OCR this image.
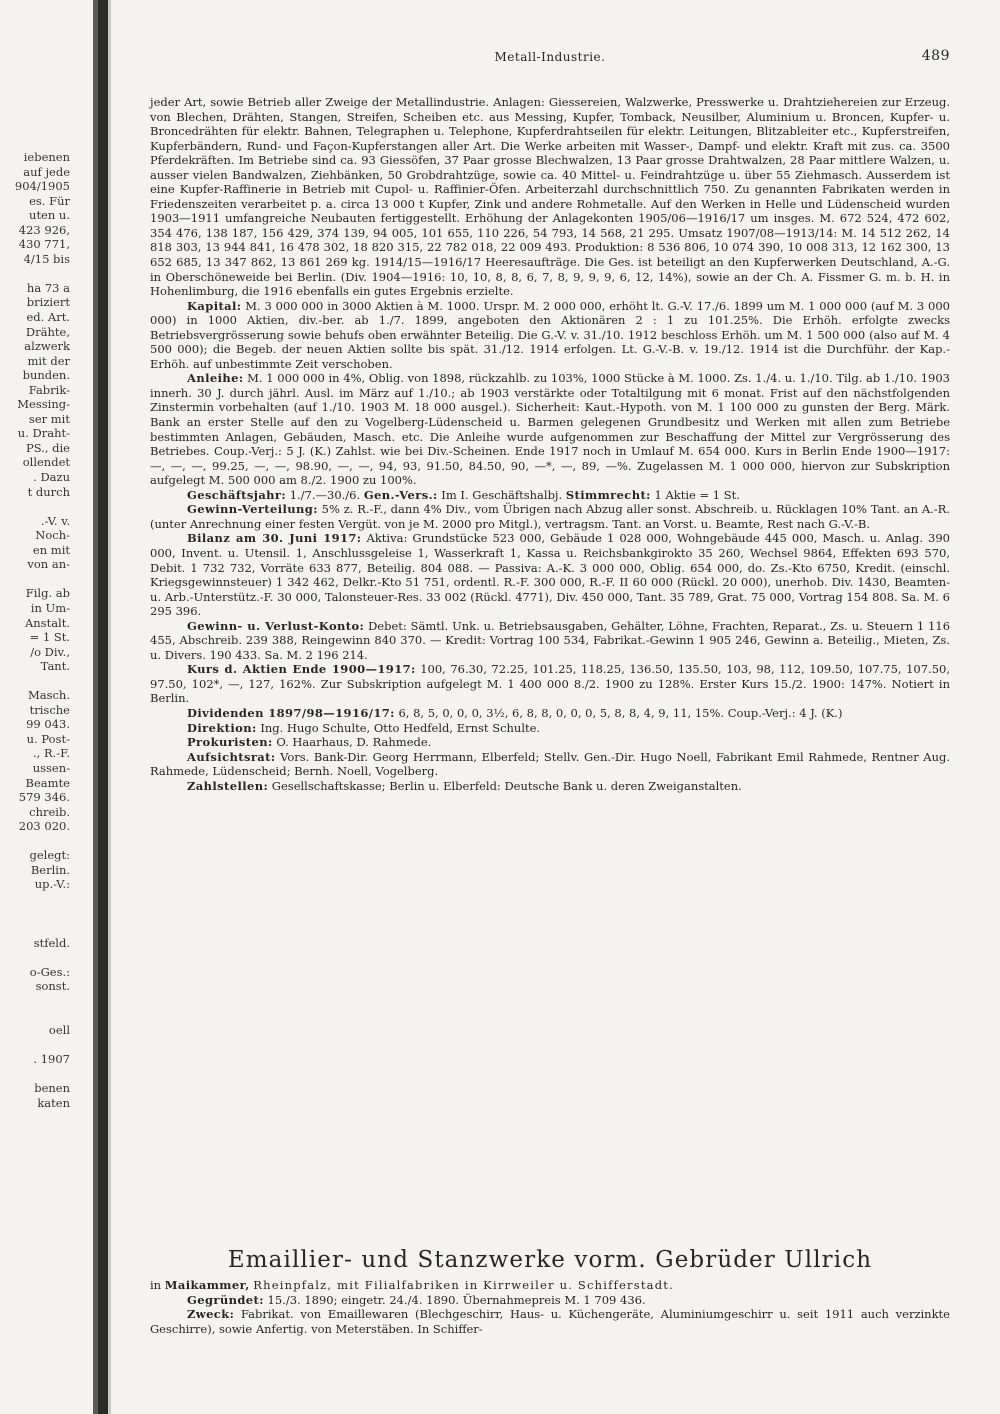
iebenen
auf jede
904/1905
es. Für
uten u.
423 926,
430 771,
4/15 bis
ha 73 a
briziert
ed. Art.
Drähte,
alzwerk
mit der
bunden.
Fabrik-
Messing-
ser mit
u. Draht-
PS., die
ollendet
. Dazu
t durch
.-V. v.
Noch-
en mit
von an-
Filg. ab
in Um-
Anstalt.
= 1 St.
/o Div.,
Tant.
Masch.
trische
99 043.
u. Post-
., R.-F.
ussen-
Beamte
579 346.
chreib.
203 020.
gelegt:
Berlin.
up.-V.:
stfeld.
o-Ges.:
sonst.
oell
. 1907
benen
katen
Metall-Industrie.	489

jeder Art, sowie Betrieb aller Zweige der Metallindustrie. Anlagen: Giessereien, Walzwerke, Presswerke u. Drahtziehereien zur Erzeug. von Blechen, Drähten, Stangen, Streifen, Scheiben etc. aus Messing, Kupfer, Tomback, Neusilber, Aluminium u. Broncen, Kupfer- u. Broncedrähten für elektr. Bahnen, Telegraphen u. Telephone, Kupferdrahtseilen für elektr. Leitungen, Blitzableiter etc., Kupferstreifen, Kupferbändern, Rund- und Façon-Kupferstangen aller Art. Die Werke arbeiten mit Wasser-, Dampf- und elektr. Kraft mit zus. ca. 3500 Pferdekräften. Im Betriebe sind ca. 93 Giessöfen, 37 Paar grosse Blechwalzen, 13 Paar grosse Drahtwalzen, 28 Paar mittlere Walzen, u. ausser vielen Bandwalzen, Ziehbänken, 50 Grobdrahtzüge, sowie ca. 40 Mittel- u. Feindrahtzüge u. über 55 Ziehmasch. Ausserdem ist eine Kupfer-Raffinerie in Betrieb mit Cupol- u. Raffinier-Öfen. Arbeiterzahl durchschnittlich 750. Zu genannten Fabrikaten werden in Friedenszeiten verarbeitet p. a. circa 13 000 t Kupfer, Zink und andere Rohmetalle. Auf den Werken in Helle und Lüdenscheid wurden 1903—1911 umfangreiche Neubauten fertiggestellt. Erhöhung der Anlagekonten 1905/06—1916/17 um insges. M. 672 524, 472 602, 354 476, 138 187, 156 429, 374 139, 94 005, 101 655, 110 226, 54 793, 14 568, 21 295. Umsatz 1907/08—1913/14: M. 14 512 262, 14 818 303, 13 944 841, 16 478 302, 18 820 315, 22 782 018, 22 009 493. Produktion: 8 536 806, 10 074 390, 10 008 313, 12 162 300, 13 652 685, 13 347 862, 13 861 269 kg. 1914/15—1916/17 Heeresaufträge. Die Ges. ist beteiligt an den Kupferwerken Deutschland, A.-G. in Oberschöneweide bei Berlin. (Div. 1904—1916: 10, 10, 8, 8, 6, 7, 8, 9, 9, 9, 6, 12, 14%), sowie an der Ch. A. Fissmer G. m. b. H. in Hohenlimburg, die 1916 ebenfalls ein gutes Ergebnis erzielte.

Kapital: M. 3 000 000 in 3000 Aktien à M. 1000. Urspr. M. 2 000 000, erhöht lt. G.-V. 17./6. 1899 um M. 1 000 000 (auf M. 3 000 000) in 1000 Aktien, div.-ber. ab 1./7. 1899, angeboten den Aktionären 2 : 1 zu 101.25%. Die Erhöh. erfolgte zwecks Betriebsvergrösserung sowie behufs oben erwähnter Beteilig. Die G.-V. v. 31./10. 1912 beschloss Erhöh. um M. 1 500 000 (also auf M. 4 500 000); die Begeb. der neuen Aktien sollte bis spät. 31./12. 1914 erfolgen. Lt. G.-V.-B. v. 19./12. 1914 ist die Durchführ. der Kap.-Erhöh. auf unbestimmte Zeit verschoben.

Anleihe: M. 1 000 000 in 4%, Oblig. von 1898, rückzahlb. zu 103%, 1000 Stücke à M. 1000. Zs. 1./4. u. 1./10. Tilg. ab 1./10. 1903 innerh. 30 J. durch jährl. Ausl. im März auf 1./10.; ab 1903 verstärkte oder Totaltilgung mit 6 monat. Frist auf den nächstfolgenden Zinstermin vorbehalten (auf 1./10. 1903 M. 18 000 ausgel.). Sicherheit: Kaut.-Hypoth. von M. 1 100 000 zu gunsten der Berg. Märk. Bank an erster Stelle auf den zu Vogelberg-Lüdenscheid u. Barmen gelegenen Grundbesitz und Werken mit allen zum Betriebe bestimmten Anlagen, Gebäuden, Masch. etc. Die Anleihe wurde aufgenommen zur Beschaffung der Mittel zur Vergrösserung des Betriebes. Coup.-Verj.: 5 J. (K.) Zahlst. wie bei Div.-Scheinen. Ende 1917 noch in Umlauf M. 654 000. Kurs in Berlin Ende 1900—1917: —, —, —, 99.25, —, —, 98.90, —, —, 94, 93, 91.50, 84.50, 90, —*, —, 89, —%. Zugelassen M. 1 000 000, hiervon zur Subskription aufgelegt M. 500 000 am 8./2. 1900 zu 100%.

Geschäftsjahr: 1./7.—30./6. Gen.-Vers.: Im I. Geschäftshalbj. Stimmrecht: 1 Aktie = 1 St.

Gewinn-Verteilung: 5% z. R.-F., dann 4% Div., vom Übrigen nach Abzug aller sonst. Abschreib. u. Rücklagen 10% Tant. an A.-R. (unter Anrechnung einer festen Vergüt. von je M. 2000 pro Mitgl.), vertragsm. Tant. an Vorst. u. Beamte, Rest nach G.-V.-B.

Bilanz am 30. Juni 1917: Aktiva: Grundstücke 523 000, Gebäude 1 028 000, Wohngebäude 445 000, Masch. u. Anlag. 390 000, Invent. u. Utensil. 1, Anschlussgeleise 1, Wasserkraft 1, Kassa u. Reichsbankgirokto 35 260, Wechsel 9864, Effekten 693 570, Debit. 1 732 732, Vorräte 633 877, Beteilig. 804 088. — Passiva: A.-K. 3 000 000, Oblig. 654 000, do. Zs.-Kto 6750, Kredit. (einschl. Kriegsgewinnsteuer) 1 342 462, Delkr.-Kto 51 751, ordentl. R.-F. 300 000, R.-F. II 60 000 (Rückl. 20 000), unerhob. Div. 1430, Beamten- u. Arb.-Unterstütz.-F. 30 000, Talonsteuer-Res. 33 002 (Rückl. 4771), Div. 450 000, Tant. 35 789, Grat. 75 000, Vortrag 154 808. Sa. M. 6 295 396.

Gewinn- u. Verlust-Konto: Debet: Sämtl. Unk. u. Betriebsausgaben, Gehälter, Löhne, Frachten, Reparat., Zs. u. Steuern 1 116 455, Abschreib. 239 388, Reingewinn 840 370. — Kredit: Vortrag 100 534, Fabrikat.-Gewinn 1 905 246, Gewinn a. Beteilig., Mieten, Zs. u. Divers. 190 433. Sa. M. 2 196 214.

Kurs d. Aktien Ende 1900—1917: 100, 76.30, 72.25, 101.25, 118.25, 136.50, 135.50, 103, 98, 112, 109.50, 107.75, 107.50, 97.50, 102*, —, 127, 162%. Zur Subskription aufgelegt M. 1 400 000 8./2. 1900 zu 128%. Erster Kurs 15./2. 1900: 147%. Notiert in Berlin.

Dividenden 1897/98—1916/17: 6, 8, 5, 0, 0, 0, 3½, 6, 8, 8, 0, 0, 0, 5, 8, 8, 4, 9, 11, 15%. Coup.-Verj.: 4 J. (K.)

Direktion: Ing. Hugo Schulte, Otto Hedfeld, Ernst Schulte.

Prokuristen: O. Haarhaus, D. Rahmede.

Aufsichtsrat: Vors. Bank-Dir. Georg Herrmann, Elberfeld; Stellv. Gen.-Dir. Hugo Noell, Fabrikant Emil Rahmede, Rentner Aug. Rahmede, Lüdenscheid; Bernh. Noell, Vogelberg.

Zahlstellen: Gesellschaftskasse; Berlin u. Elberfeld: Deutsche Bank u. deren Zweiganstalten.

Emaillier- und Stanzwerke vorm. Gebrüder Ullrich

in Maikammer, Rheinpfalz, mit Filialfabriken in Kirrweiler u. Schifferstadt.

Gegründet: 15./3. 1890; eingetr. 24./4. 1890. Übernahmepreis M. 1 709 436.

Zweck: Fabrikat. von Emaillewaren (Blechgeschirr, Haus- u. Küchengeräte, Aluminiumgeschirr u. seit 1911 auch verzinkte Geschirre), sowie Anfertig. von Meterstäben. In Schiffer-
